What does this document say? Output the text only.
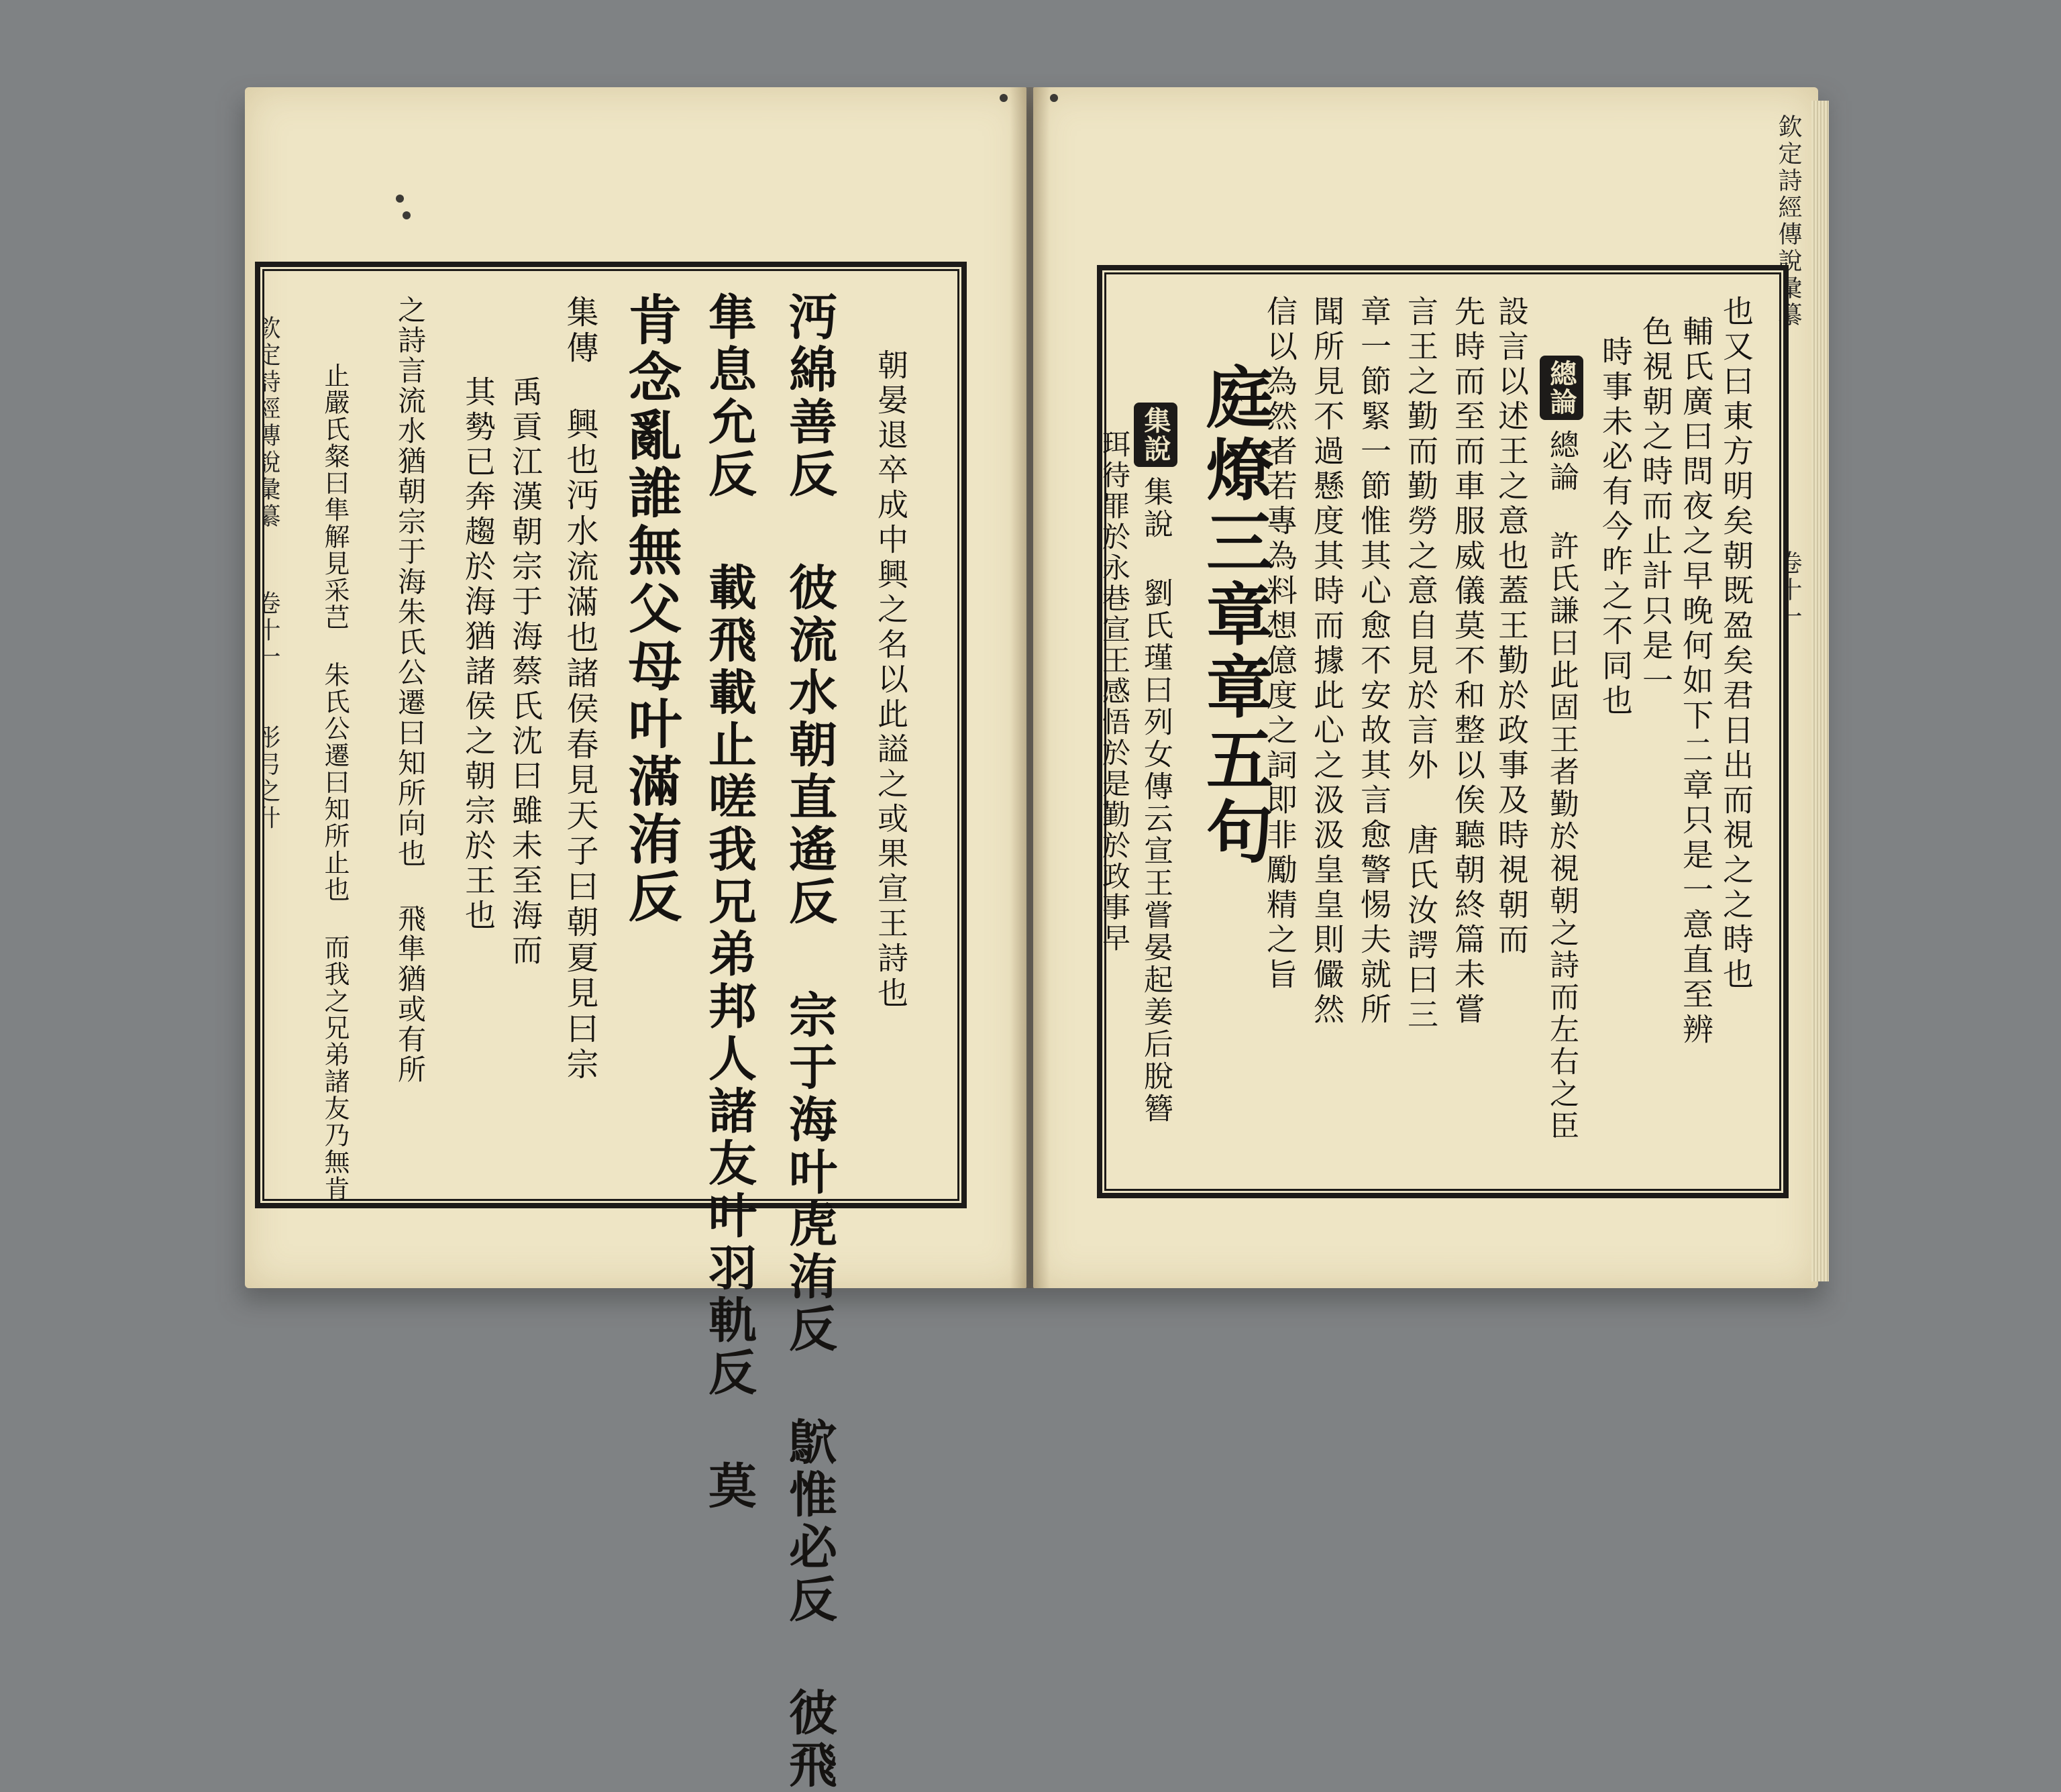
欽定詩經傳說彙纂
卷十一
彤弓之什	朝晏退卒成中興之名以此謚之或果宣王詩也
沔綿善反 彼流水朝直遙反 宗于海叶虎洧反 鴥惟必反 彼飛
隼息允反 載飛載止嗟我兄弟邦人諸友叶羽軌反 莫
肯念亂誰無父母叶滿洧反
集傳 興也沔水流滿也諸侯春見天子曰朝夏見曰宗
禹貢江漢朝宗于海蔡氏沈曰雖未至海而
其勢已奔趨於海猶諸侯之朝宗於王也
之詩言流水猶朝宗于海朱氏公遷曰知所向也 飛隼猶或有所
止嚴氏粲曰隼解見采芑 朱氏公遷曰知所止也 而我之兄弟諸友乃無肯
欽定詩經傳說彙纂
卷十一
也又曰東方明矣朝既盈矣君日出而視之之時也
輔氏廣曰問夜之早晚何如下二章只是一意直至辨
色視朝之時而止計只是一
時事未必有今昨之不同也
總論
總論 許氏謙曰此固王者勤於視朝之詩而左右之臣
設言以述王之意也蓋王勤於政事及時視朝而
先時而至而車服威儀莫不和整以俟聽朝終篇未嘗
言王之勤而勤勞之意自見於言外 唐氏汝諤曰三
章一節緊一節惟其心愈不安故其言愈警惕夫就所
聞所見不過懸度其時而據此心之汲汲皇皇則儼然
信以為然者若專為料想億度之詞即非勵精之旨
庭燎三章章五句
集說
集說 劉氏瑾曰列女傳云宣王嘗晏起姜后脫簪
珥待罪於永巷宣王感悟於是勤於政事早
